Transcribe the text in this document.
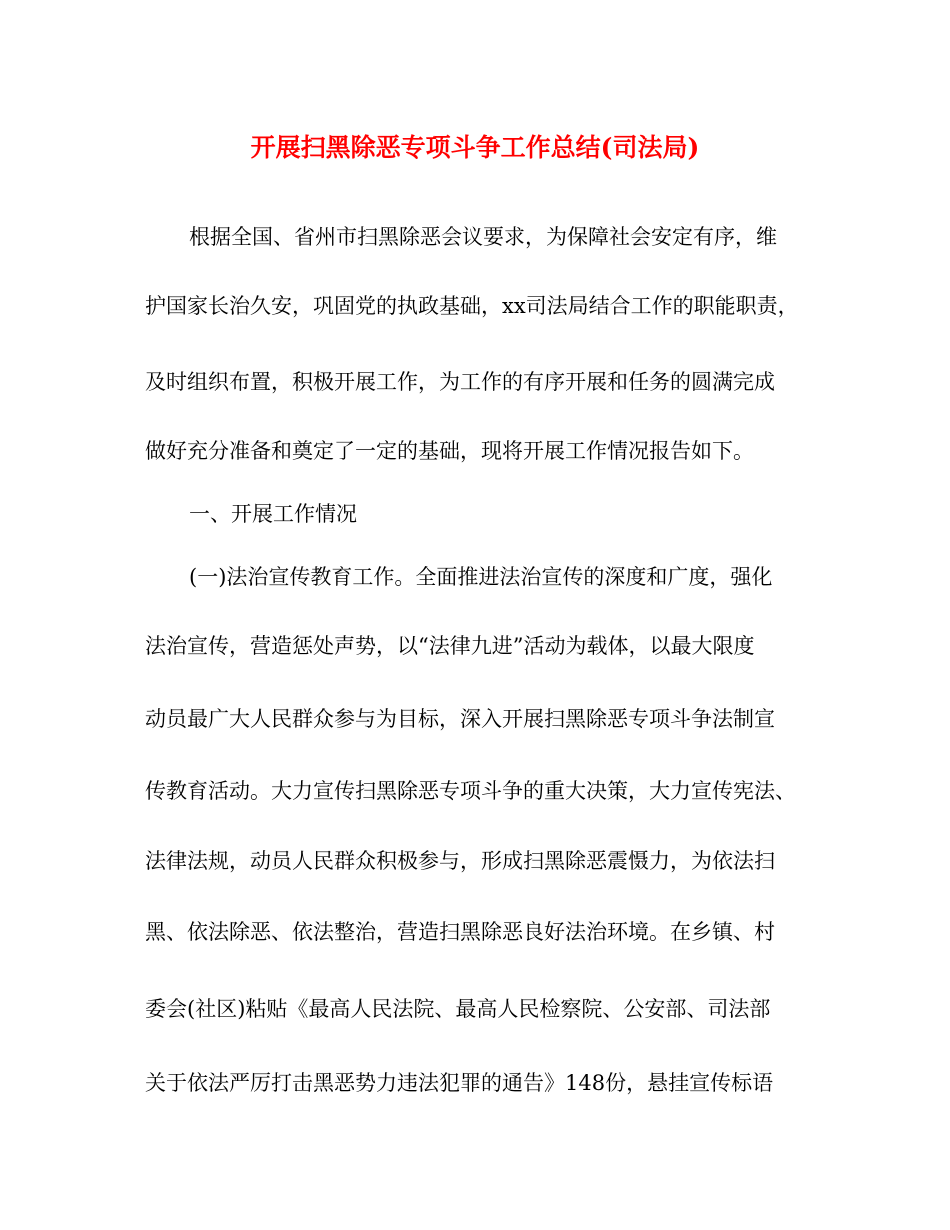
开展扫黑除恶专项斗争工作总结(司法局)
根据全国、省州市扫黑除恶会议要求，为保障社会安定有序，维
护国家长治久安，巩固党的执政基础，xx司法局结合工作的职能职责，
及时组织布置，积极开展工作，为工作的有序开展和任务的圆满完成
做好充分准备和奠定了一定的基础，现将开展工作情况报告如下。
一、开展工作情况
(一)法治宣传教育工作。全面推进法治宣传的深度和广度，强化
法治宣传，营造惩处声势，以“法律九进”活动为载体，以最大限度
动员最广大人民群众参与为目标，深入开展扫黑除恶专项斗争法制宣
传教育活动。大力宣传扫黑除恶专项斗争的重大决策，大力宣传宪法、
法律法规，动员人民群众积极参与，形成扫黑除恶震慑力，为依法扫
黑、依法除恶、依法整治，营造扫黑除恶良好法治环境。在乡镇、村
委会(社区)粘贴《最高人民法院、最高人民检察院、公安部、司法部
关于依法严厉打击黑恶势力违法犯罪的通告》148份，悬挂宣传标语
